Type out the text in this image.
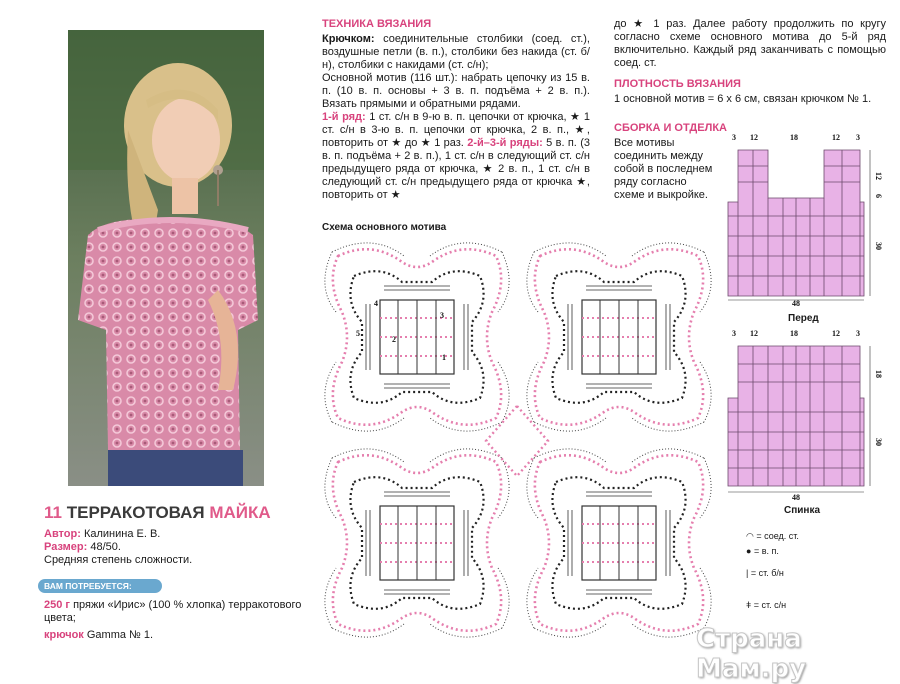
11 ТЕРРАКОТОВАЯ МАЙКА
Автор: Калинина Е. В.
Размер: 48/50.
Средняя степень сложности.
ВАМ ПОТРЕБУЕТСЯ:
250 г пряжи «Ирис» (100 % хлопка) терракотового цвета;
крючок Gamma № 1.
ТЕХНИКА ВЯЗАНИЯ
Крючком: соединительные столбики (соед. ст.), воздушные петли (в. п.), столбики без накида (ст. б/н), столбики с накидами (ст. с/н);
Основной мотив (116 шт.): набрать цепочку из 15 в. п. (10 в. п. основы + 3 в. п. подъёма + 2 в. п.). Вязать прямыми и обратными рядами.
1-й ряд: 1 ст. с/н в 9-ю в. п. цепочки от крючка, ★ 1 ст. с/н в 3-ю в. п. цепочки от крючка, 2 в. п., ★, повторить от ★ до ★ 1 раз. 2-й–3-й ряды: 5 в. п. (3 в. п. подъёма + 2 в. п.), 1 ст. с/н в следующий ст. с/н предыдущего ряда от крючка, ★ 2 в. п., 1 ст. с/н в следующий ст. с/н предыдущего ряда от крючка ★, повторить от ★
до ★ 1 раз. Далее работу продолжить по кругу согласно схеме основного мотива до 5-й ряд включительно. Каждый ряд заканчивать с помощью соед. ст.
ПЛОТНОСТЬ ВЯЗАНИЯ
1 основной мотив = 6 х 6 см, связан крючком № 1.
СБОРКА И ОТДЕЛКА
Все мотивы соединить между собой в последнем ряду согласно схеме и выкройке.
Схема основного мотива
3
2
1
4
5
3 12	18	12 3
12
6
30
48
Перед
3 12	18	12 3
18
30
48
Спинка
◠ = соед. ст.
● = в. п.
| = ст. б/н
ǂ = ст. с/н
Страна Мам.ру
